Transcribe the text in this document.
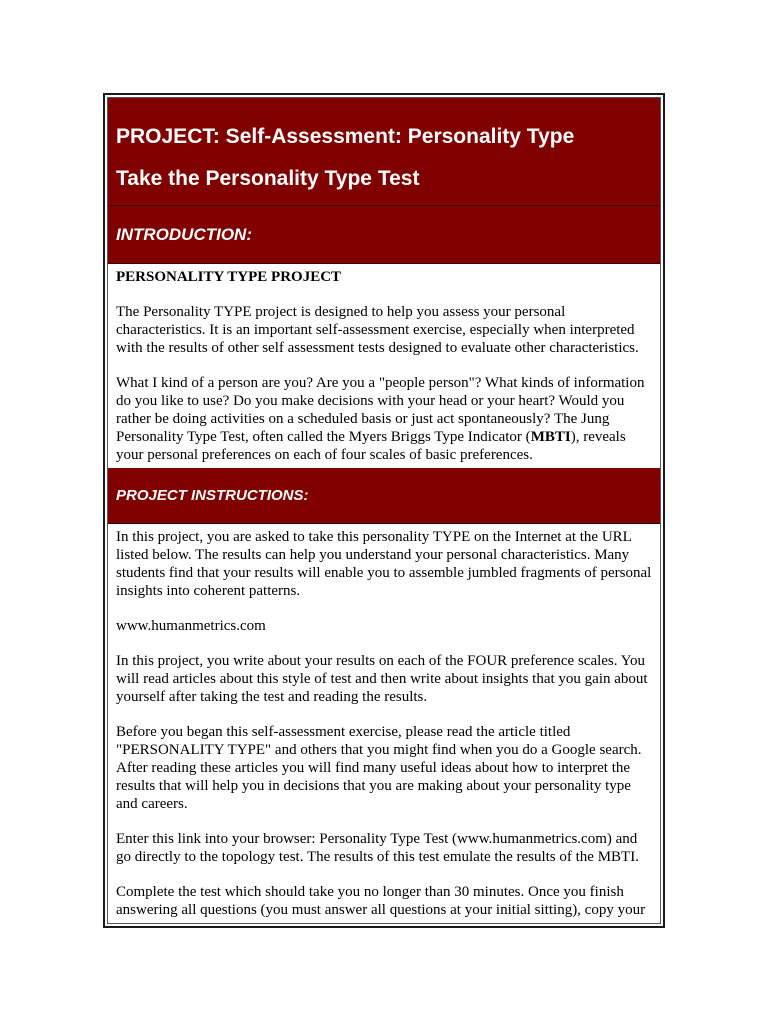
PROJECT: Self-Assessment: Personality Type
Take the Personality Type Test
INTRODUCTION:

PERSONALITY TYPE PROJECT

The Personality TYPE project is designed to help you assess your personal characteristics. It is an important self-assessment exercise, especially when interpreted with the results of other self assessment tests designed to evaluate other characteristics.

What I kind of a person are you? Are you a "people person"? What kinds of information do you like to use? Do you make decisions with your head or your heart? Would you rather be doing activities on a scheduled basis or just act spontaneously? The Jung Personality Type Test, often called the Myers Briggs Type Indicator (MBTI), reveals your personal preferences on each of four scales of basic preferences.

PROJECT INSTRUCTIONS:

In this project, you are asked to take this personality TYPE on the Internet at the URL listed below. The results can help you understand your personal characteristics. Many students find that your results will enable you to assemble jumbled fragments of personal insights into coherent patterns.

www.humanmetrics.com

In this project, you write about your results on each of the FOUR preference scales. You will read articles about this style of test and then write about insights that you gain about yourself after taking the test and reading the results.

Before you began this self-assessment exercise, please read the article titled "PERSONALITY TYPE" and others that you might find when you do a Google search. After reading these articles you will find many useful ideas about how to interpret the results that will help you in decisions that you are making about your personality type and careers.

Enter this link into your browser: Personality Type Test (www.humanmetrics.com) and go directly to the topology test. The results of this test emulate the results of the MBTI.

Complete the test which should take you no longer than 30 minutes. Once you finish answering all questions (you must answer all questions at your initial sitting), copy your
